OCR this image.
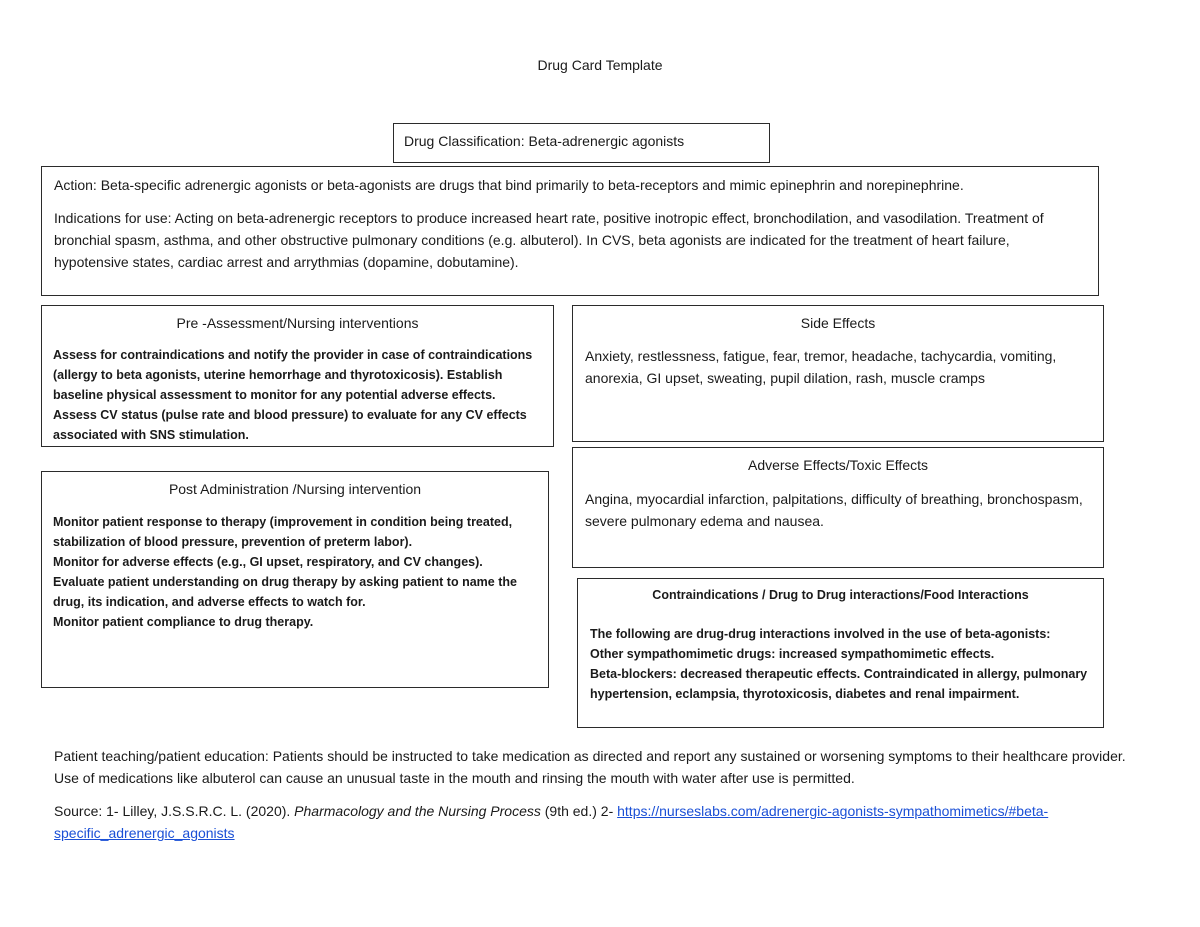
Drug Card Template

Drug Classification: Beta-adrenergic agonists

Action: Beta-specific adrenergic agonists or beta-agonists are drugs that bind primarily to beta-receptors and mimic epinephrin and norepinephrine.

Indications for use: Acting on beta-adrenergic receptors to produce increased heart rate, positive inotropic effect, bronchodilation, and vasodilation. Treatment of bronchial spasm, asthma, and other obstructive pulmonary conditions (e.g. albuterol). In CVS, beta agonists are indicated for the treatment of heart failure, hypotensive states, cardiac arrest and arrythmias (dopamine, dobutamine).

Pre -Assessment/Nursing interventions

Assess for contraindications and notify the provider in case of contraindications (allergy to beta agonists, uterine hemorrhage and thyrotoxicosis). Establish baseline physical assessment to monitor for any potential adverse effects. Assess CV status (pulse rate and blood pressure) to evaluate for any CV effects associated with SNS stimulation.

Side Effects

Anxiety, restlessness, fatigue, fear, tremor, headache, tachycardia, vomiting, anorexia, GI upset, sweating, pupil dilation, rash, muscle cramps

Post Administration /Nursing intervention

Monitor patient response to therapy (improvement in condition being treated, stabilization of blood pressure, prevention of preterm labor).

Monitor for adverse effects (e.g., GI upset, respiratory, and CV changes).

Evaluate patient understanding on drug therapy by asking patient to name the drug, its indication, and adverse effects to watch for.

Monitor patient compliance to drug therapy.

Adverse Effects/Toxic Effects

Angina, myocardial infarction, palpitations, difficulty of breathing, bronchospasm, severe pulmonary edema and nausea.

Contraindications / Drug to Drug interactions/Food Interactions

The following are drug-drug interactions involved in the use of beta-agonists:

Other sympathomimetic drugs: increased sympathomimetic effects.

Beta-blockers: decreased therapeutic effects. Contraindicated in allergy, pulmonary hypertension, eclampsia, thyrotoxicosis, diabetes and renal impairment.

Patient teaching/patient education: Patients should be instructed to take medication as directed and report any sustained or worsening symptoms to their healthcare provider. Use of medications like albuterol can cause an unusual taste in the mouth and rinsing the mouth with water after use is permitted.

Source: 1- Lilley, J.S.S.R.C. L. (2020). Pharmacology and the Nursing Process (9th ed.) 2- https://nurseslabs.com/adrenergic-agonists-sympathomimetics/#beta-specific_adrenergic_agonists
